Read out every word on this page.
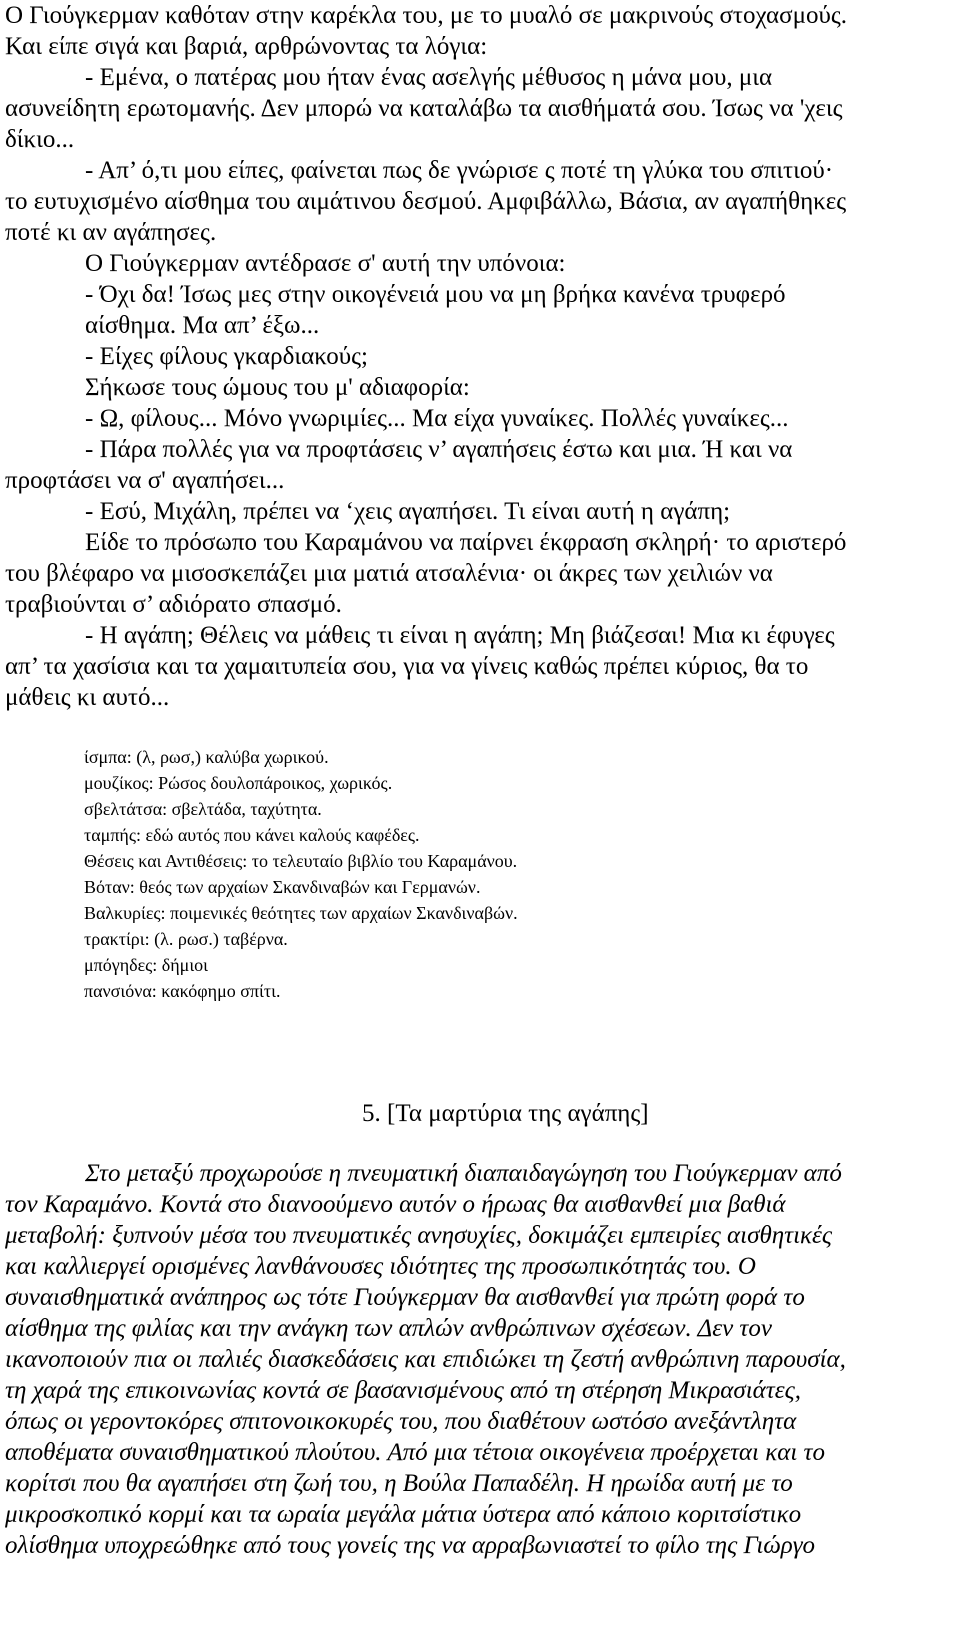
Ο Γιούγκερμαν καθόταν στην καρέκλα του, με το μυαλό σε μακρινούς στοχασμούς.
Και είπε σιγά και βαριά, αρθρώνοντας τα λόγια:
- Εμένα, ο πατέρας μου ήταν ένας ασελγής μέθυσος η μάνα μου, μια
ασυνείδητη ερωτομανής. Δεν μπορώ να καταλάβω τα αισθήματά σου. Ίσως να 'χεις
δίκιο...
- Απ’ ό,τι μου είπες, φαίνεται πως δε γνώρισε ς ποτέ τη γλύκα του σπιτιού·
το ευτυχισμένο αίσθημα του αιμάτινου δεσμού. Αμφιβάλλω, Βάσια, αν αγαπήθηκες
ποτέ κι αν αγάπησες.
Ο Γιούγκερμαν αντέδρασε σ' αυτή την υπόνοια:
- Όχι δα! Ίσως μες στην οικογένειά μου να μη βρήκα κανένα τρυφερό
αίσθημα. Μα απ’ έξω...
- Είχες φίλους γκαρδιακούς;
Σήκωσε τους ώμους του μ' αδιαφορία:
- Ω, φίλους... Μόνο γνωριμίες... Μα είχα γυναίκες. Πολλές γυναίκες...
- Πάρα πολλές για να προφτάσεις ν’ αγαπήσεις έστω και μια. Ή και να
προφτάσει να σ' αγαπήσει...
- Εσύ, Μιχάλη, πρέπει να ‘χεις αγαπήσει. Τι είναι αυτή η αγάπη;
Είδε το πρόσωπο του Καραμάνου να παίρνει έκφραση σκληρή· το αριστερό
του βλέφαρο να μισοσκεπάζει μια ματιά ατσαλένια· οι άκρες των χειλιών να
τραβιούνται σ’ αδιόρατο σπασμό.
- Η αγάπη; Θέλεις να μάθεις τι είναι η αγάπη; Μη βιάζεσαι! Μια κι έφυγες
απ’ τα χασίσια και τα χαμαιτυπεία σου, για να γίνεις καθώς πρέπει κύριος, θα το
μάθεις κι αυτό...
ίσμπα: (λ, ρωσ,) καλύβα χωρικού.
μουζίκος: Ρώσος δουλοπάροικος, χωρικός.
σβελτάτσα: σβελτάδα, ταχύτητα.
ταμπής: εδώ αυτός που κάνει καλούς καφέδες.
Θέσεις και Αντιθέσεις: το τελευταίο βιβλίο του Καραμάνου.
Βόταν: θεός των αρχαίων Σκανδιναβών και Γερμανών.
Βαλκυρίες: ποιμενικές θεότητες των αρχαίων Σκανδιναβών.
τρακτίρι: (λ. ρωσ.) ταβέρνα.
μπόγηδες: δήμιοι
πανσιόνα: κακόφημο σπίτι.
5. [Τα μαρτύρια της αγάπης]
Στο μεταξύ προχωρούσε η πνευματική διαπαιδαγώγηση του Γιούγκερμαν από
τον Καραμάνο. Κοντά στο διανοούμενο αυτόν ο ήρωας θα αισθανθεί μια βαθιά
μεταβολή: ξυπνούν μέσα του πνευματικές ανησυχίες, δοκιμάζει εμπειρίες αισθητικές
και καλλιεργεί ορισμένες λανθάνουσες ιδιότητες της προσωπικότητάς του. Ο
συναισθηματικά ανάπηρος ως τότε Γιούγκερμαν θα αισθανθεί για πρώτη φορά το
αίσθημα της φιλίας και την ανάγκη των απλών ανθρώπινων σχέσεων. Δεν τον
ικανοποιούν πια οι παλιές διασκεδάσεις και επιδιώκει τη ζεστή ανθρώπινη παρουσία,
τη χαρά της επικοινωνίας κοντά σε βασανισμένους από τη στέρηση Μικρασιάτες,
όπως οι γεροντοκόρες σπιτονοικοκυρές του, που διαθέτουν ωστόσο ανεξάντλητα
αποθέματα συναισθηματικού πλούτου. Από μια τέτοια οικογένεια προέρχεται και το
κορίτσι που θα αγαπήσει στη ζωή του, η Βούλα Παπαδέλη. Η ηρωίδα αυτή με το
μικροσκοπικό κορμί και τα ωραία μεγάλα μάτια ύστερα από κάποιο κοριτσίστικο
ολίσθημα υποχρεώθηκε από τους γονείς της να αρραβωνιαστεί το φίλο της Γιώργο
